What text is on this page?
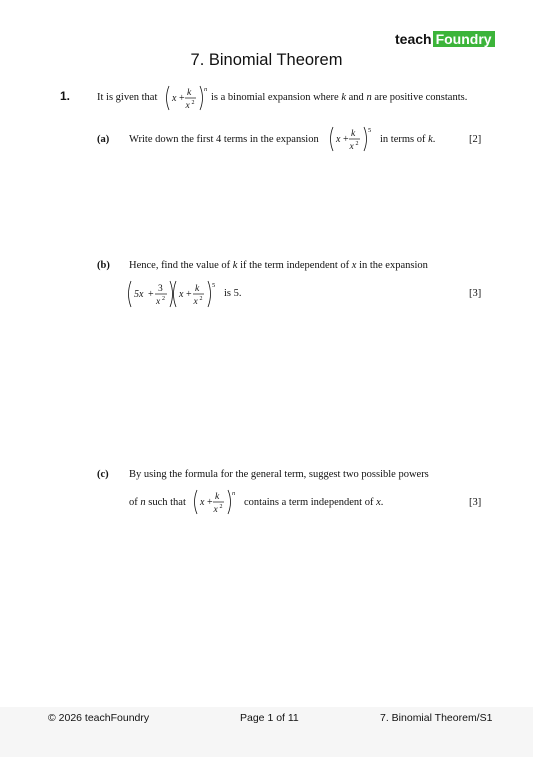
teach Foundry
7. Binomial Theorem
1.	It is given that x + k
x 2
n
is a binomial expansion where k and n are positive constants.
(a) Write down the first 4 terms in the expansion x + k
x 2
5
in terms of k.	[2]
(b) Hence, find the value of k if the term independent of x in the expansion
5x + 3
x 2 x + k
x 2
5
is 5.	[3]
(c) By using the formula for the general term, suggest two possible powers
of n such that x + k
x 2
n
contains a term independent of x.	[3]
© 2026 teachFoundry	Page 1 of 11	7. Binomial Theorem/S1
